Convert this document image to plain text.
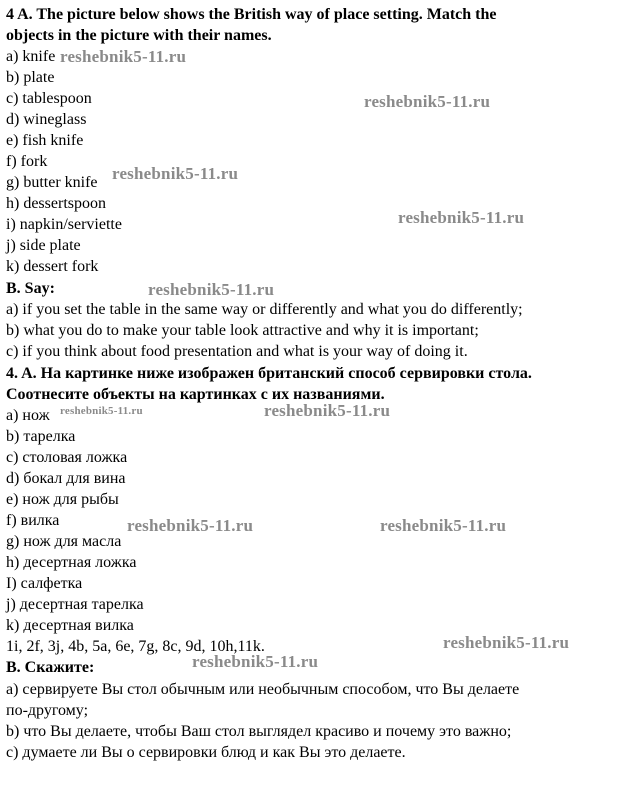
4 A. The picture below shows the British way of place setting. Match the
objects in the picture with their names.
a) knife
b) plate
c) tablespoon
d) wineglass
e) fish knife
f) fork
g) butter knife
h) dessertspoon
i) napkin/serviette
j) side plate
k) dessert fork
B. Say:
a) if you set the table in the same way or differently and what you do differently;
b) what you do to make your table look attractive and why it is important;
c) if you think about food presentation and what is your way of doing it.
4. A. На картинке ниже изображен британский способ сервировки стола.
Соотнесите объекты на картинках с их названиями.
a) нож
b) тарелка
c) столовая ложка
d) бокал для вина
e) нож для рыбы
f) вилка
g) нож для масла
h) десертная ложка
I) салфетка
j) десертная тарелка
k) десертная вилка
1i, 2f, 3j, 4b, 5a, 6e, 7g, 8c, 9d, 10h,11k.
B. Скажите:
a) сервируете Вы стол обычным или необычным способом, что Вы делаете
по-другому;
b) что Вы делаете, чтобы Ваш стол выглядел красиво и почему это важно;
c) думаете ли Вы о сервировки блюд и как Вы это делаете.
reshebnik5-11.ru
reshebnik5-11.ru
reshebnik5-11.ru
reshebnik5-11.ru
reshebnik5-11.ru
reshebnik5-11.ru	reshebnik5-11.ru
reshebnik5-11.ru	reshebnik5-11.ru
reshebnik5-11.ru
reshebnik5-11.ru
